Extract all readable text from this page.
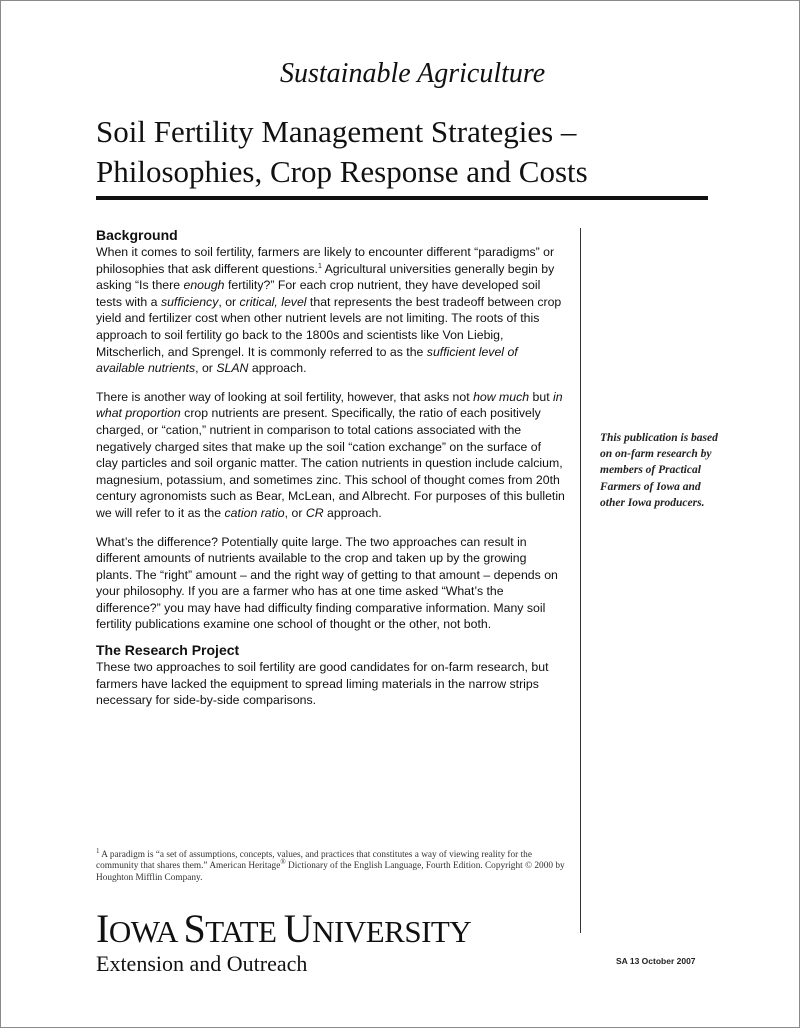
Sustainable Agriculture
Soil Fertility Management Strategies – Philosophies, Crop Response and Costs
Background

When it comes to soil fertility, farmers are likely to encounter different “paradigms” or philosophies that ask different questions.$^1$ Agricultural universities generally begin by asking “Is there enough fertility?” For each crop nutrient, they have developed soil tests with a sufficiency, or critical, level that represents the best tradeoff between crop yield and fertilizer cost when other nutrient levels are not limiting. The roots of this approach to soil fertility go back to the 1800s and scientists like Von Liebig, Mitscherlich, and Sprengel. It is commonly referred to as the sufficient level of available nutrients, or SLAN approach.

There is another way of looking at soil fertility, however, that asks not how much but in what proportion crop nutrients are present. Specifically, the ratio of each positively charged, or “cation,” nutrient in comparison to total cations associated with the negatively charged sites that make up the soil “cation exchange” on the surface of clay particles and soil organic matter. The cation nutrients in question include calcium, magnesium, potassium, and sometimes zinc. This school of thought comes from 20th century agronomists such as Bear, McLean, and Albrecht. For purposes of this bulletin we will refer to it as the cation ratio, or CR approach.

What’s the difference? Potentially quite large. The two approaches can result in different amounts of nutrients available to the crop and taken up by the growing plants. The “right” amount – and the right way of getting to that amount – depends on your philosophy. If you are a farmer who has at one time asked “What’s the difference?” you may have had difficulty finding comparative information. Many soil fertility publications examine one school of thought or the other, not both.

The Research Project

These two approaches to soil fertility are good candidates for on-farm research, but farmers have lacked the equipment to spread liming materials in the narrow strips necessary for side-by-side comparisons.

This publication is based on on-farm research by members of Practical Farmers of Iowa and other Iowa producers.
$^1$ A paradigm is “a set of assumptions, concepts, values, and practices that constitutes a way of viewing reality for the community that shares them.” American Heritage® Dictionary of the English Language, Fourth Edition. Copyright © 2000 by Houghton Mifflin Company.
IOWA STATE UNIVERSITY
Extension and Outreach	SA 13 October 2007
